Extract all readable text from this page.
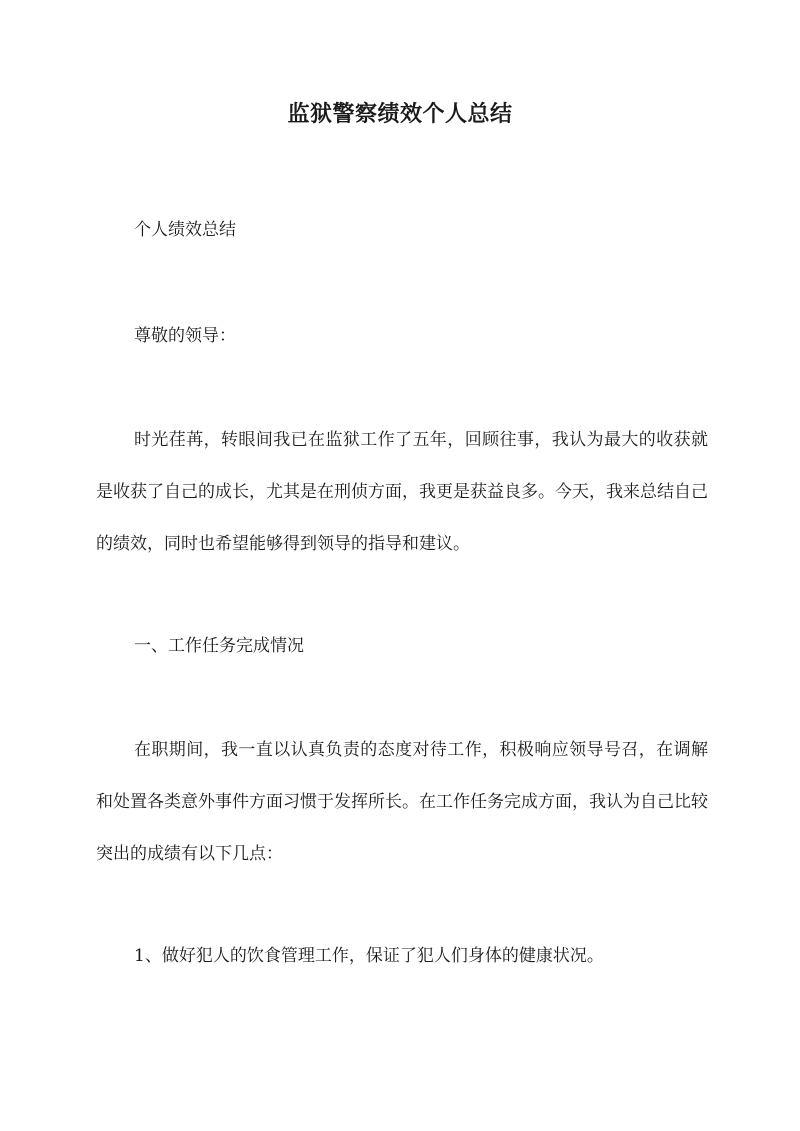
监狱警察绩效个人总结

个人绩效总结

尊敬的领导：

时光荏苒，转眼间我已在监狱工作了五年，回顾往事，我认为最大的收获就是收获了自己的成长，尤其是在刑侦方面，我更是获益良多。今天，我来总结自己的绩效，同时也希望能够得到领导的指导和建议。

一、工作任务完成情况

在职期间，我一直以认真负责的态度对待工作，积极响应领导号召，在调解和处置各类意外事件方面习惯于发挥所长。在工作任务完成方面，我认为自己比较突出的成绩有以下几点：

1、做好犯人的饮食管理工作，保证了犯人们身体的健康状况。
